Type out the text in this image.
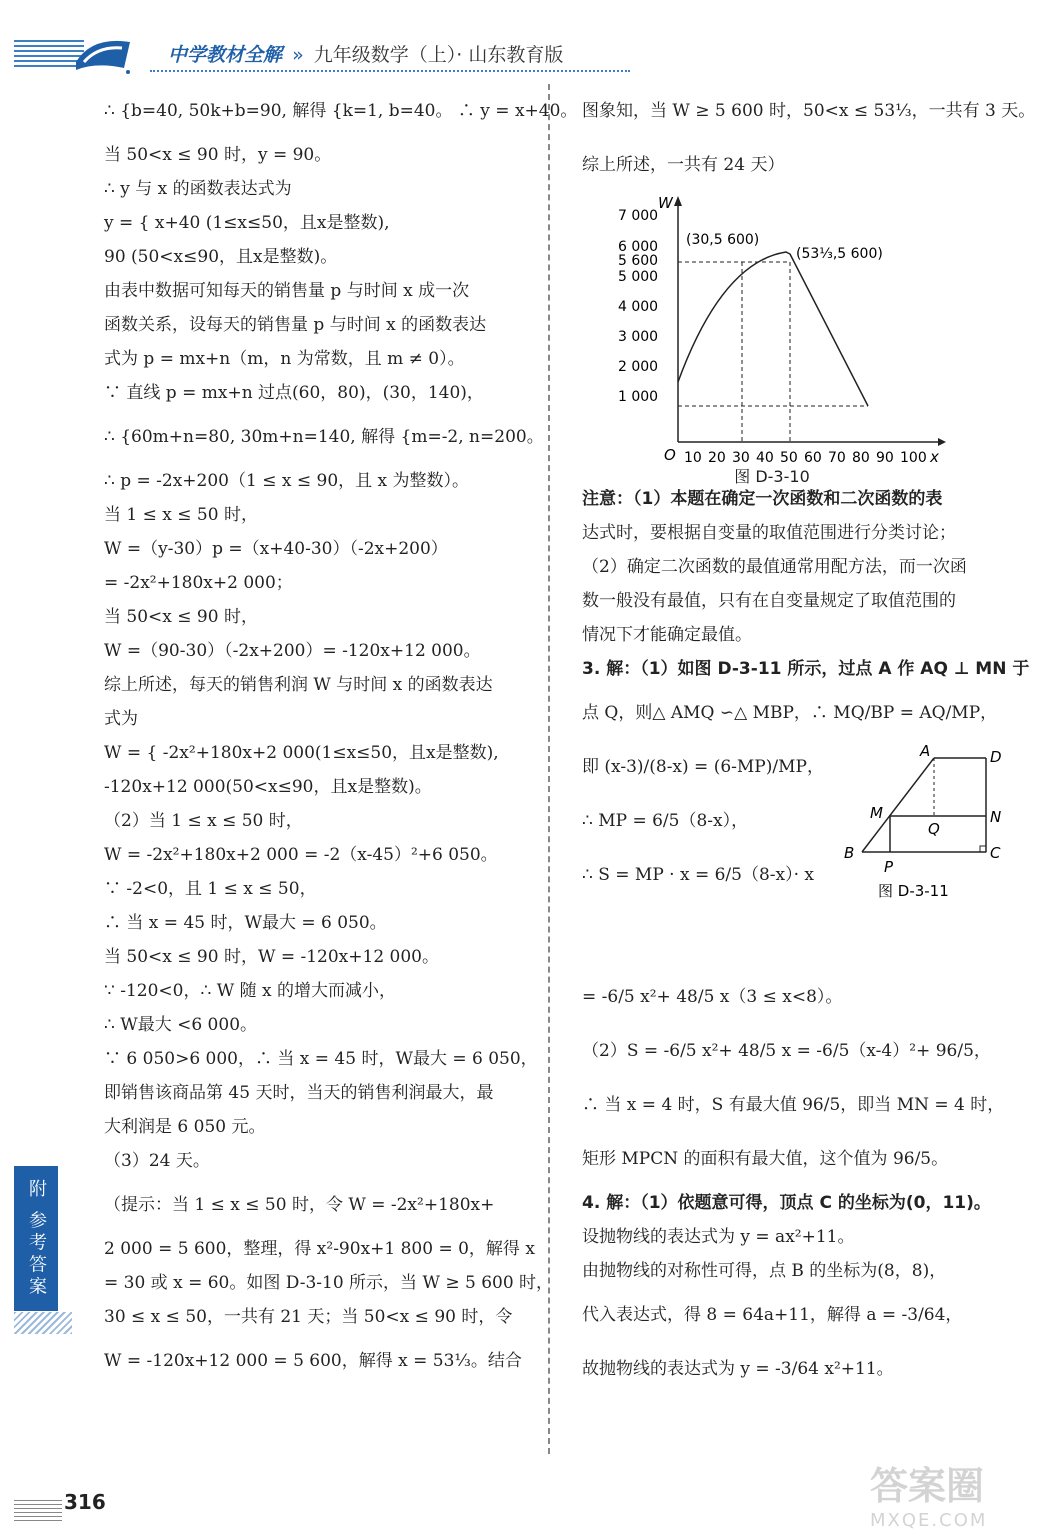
中学教材全解 » 九年级数学（上）· 山东教育版
∴ {b=40, 50k+b=90, 解得 {k=1, b=40。 ∴ y = x+40。
当 50<x ≤ 90 时，y = 90。
∴ y 与 x 的函数表达式为
y = { x+40 (1≤x≤50，且x是整数),
90 (50<x≤90，且x是整数)。
由表中数据可知每天的销售量 p 与时间 x 成一次
函数关系，设每天的销售量 p 与时间 x 的函数表达
式为 p = mx+n（m，n 为常数，且 m ≠ 0）。
∵ 直线 p = mx+n 过点(60，80)，(30，140)，
∴ {60m+n=80, 30m+n=140, 解得 {m=-2, n=200。
∴ p = -2x+200（1 ≤ x ≤ 90，且 x 为整数）。
当 1 ≤ x ≤ 50 时，
W =（y-30）p =（x+40-30）（-2x+200）
= -2x²+180x+2 000；
当 50<x ≤ 90 时，
W =（90-30）（-2x+200）= -120x+12 000。
综上所述，每天的销售利润 W 与时间 x 的函数表达
式为
W = { -2x²+180x+2 000(1≤x≤50，且x是整数),
-120x+12 000(50<x≤90，且x是整数)。
（2）当 1 ≤ x ≤ 50 时，
W = -2x²+180x+2 000 = -2（x-45）²+6 050。
∵ -2<0，且 1 ≤ x ≤ 50，
∴ 当 x = 45 时，W最大 = 6 050。
当 50<x ≤ 90 时，W = -120x+12 000。
∵ -120<0，∴ W 随 x 的增大而减小，
∴ W最大 <6 000。
∵ 6 050>6 000，∴ 当 x = 45 时，W最大 = 6 050，
即销售该商品第 45 天时，当天的销售利润最大，最
大利润是 6 050 元。
（3）24 天。
（提示：当 1 ≤ x ≤ 50 时，令 W = -2x²+180x+
2 000 = 5 600，整理，得 x²-90x+1 800 = 0，解得 x
= 30 或 x = 60。如图 D-3-10 所示，当 W ≥ 5 600 时，
30 ≤ x ≤ 50，一共有 21 天；当 50<x ≤ 90 时，令
W = -120x+12 000 = 5 600，解得 x = 53⅓。结合
图象知，当 W ≥ 5 600 时，50<x ≤ 53⅓，一共有 3 天。
综上所述，一共有 24 天）
W
x
O
7 000
6 000
5 600
5 000
4 000
3 000
2 000
1 000
10 20 30 40 50 60 70 80 90 100
(30,5 600)
(53⅓,5 600)
图 D-3-10
注意：（1）本题在确定一次函数和二次函数的表
达式时，要根据自变量的取值范围进行分类讨论；
（2）确定二次函数的最值通常用配方法，而一次函
数一般没有最值，只有在自变量规定了取值范围的
情况下才能确定最值。
3. 解：（1）如图 D-3-11 所示，过点 A 作 AQ ⊥ MN 于
点 Q，则△ AMQ ∽△ MBP，∴ MQ/BP = AQ/MP，
即 (x-3)/(8-x) = (6-MP)/MP，
∴ MP = 6/5（8-x），
∴ S = MP · x = 6/5（8-x）· x
A	D
M
Q
N
B
P
C
图 D-3-11
= -6/5 x²+ 48/5 x（3 ≤ x<8）。
（2）S = -6/5 x²+ 48/5 x = -6/5（x-4）²+ 96/5，
∴ 当 x = 4 时，S 有最大值 96/5，即当 MN = 4 时，
矩形 MPCN 的面积有最大值，这个值为 96/5。
4. 解：（1）依题意可得，顶点 C 的坐标为(0，11)。
设抛物线的表达式为 y = ax²+11。
由抛物线的对称性可得，点 B 的坐标为(8，8)，
代入表达式，得 8 = 64a+11，解得 a = -3/64，
故抛物线的表达式为 y = -3/64 x²+11。
附 参考答案
316	答案圈
MXQE.COM
